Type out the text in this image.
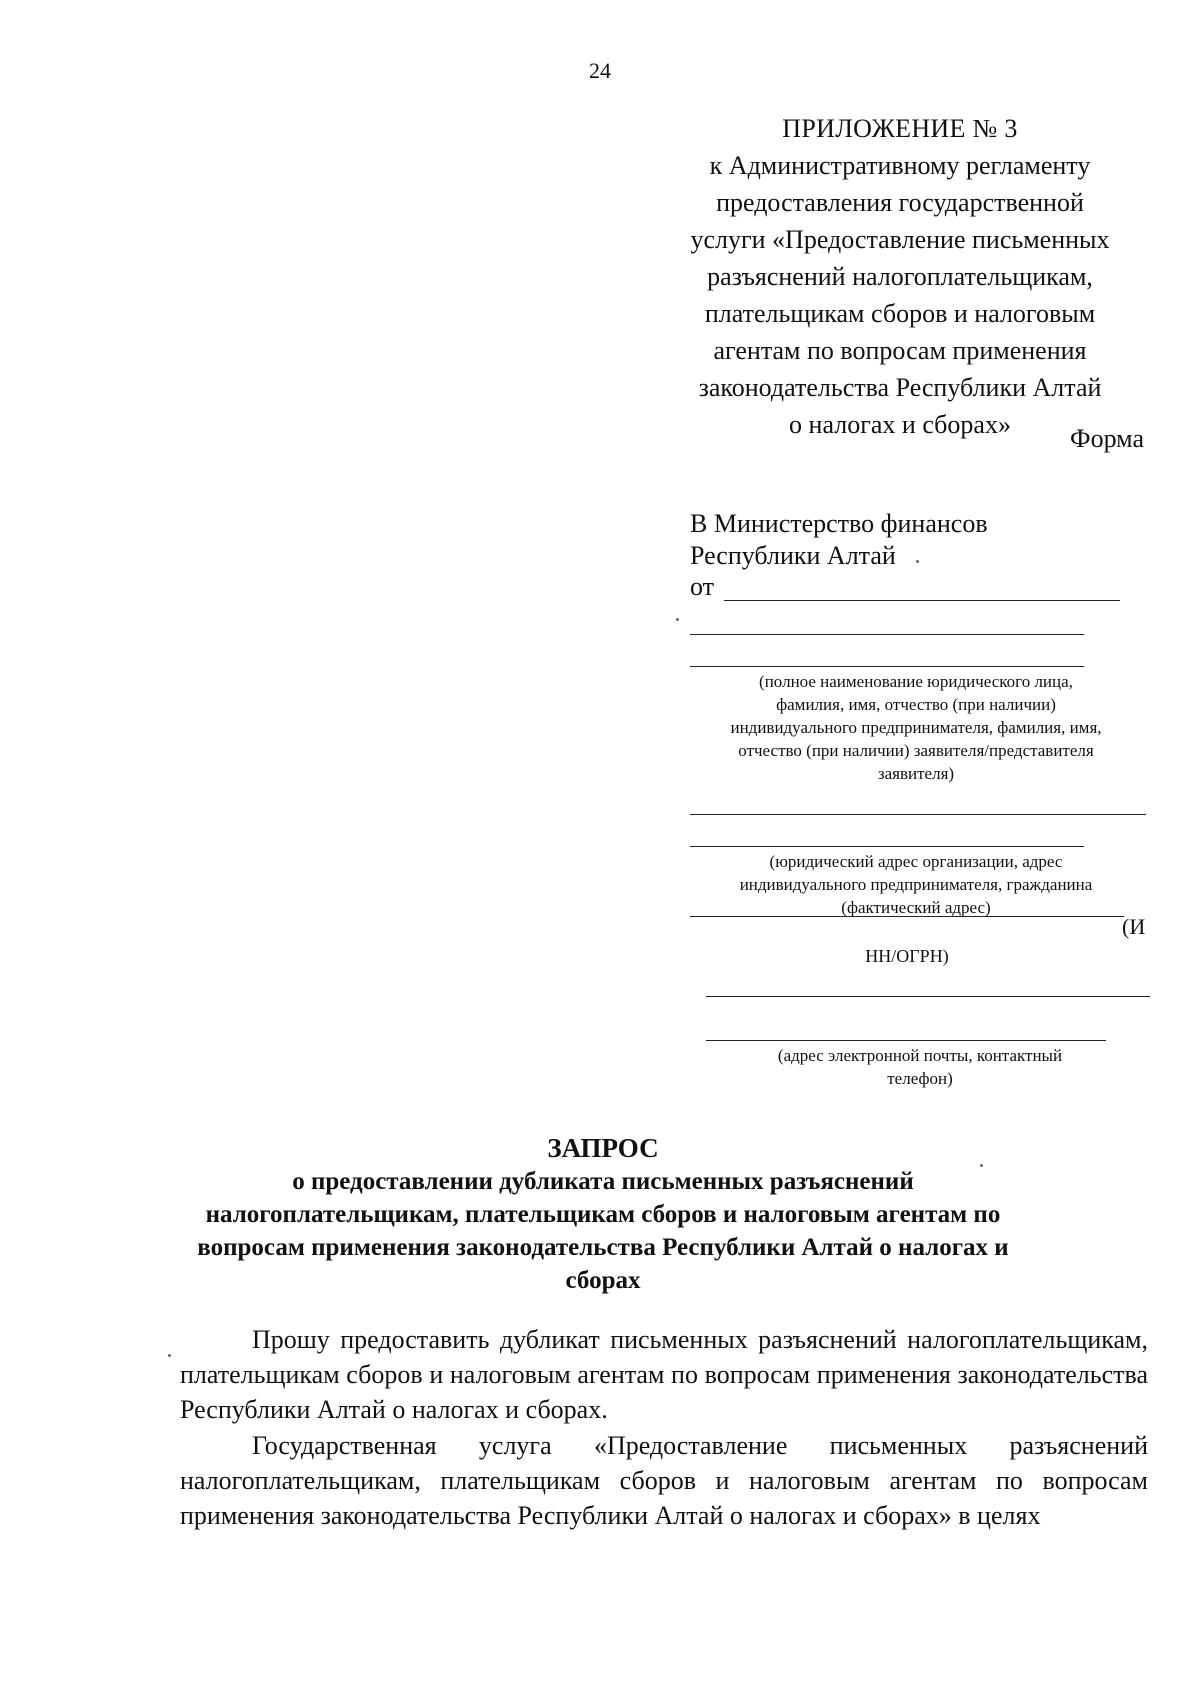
24
ПРИЛОЖЕНИЕ № 3
к Административному регламенту
предоставления государственной
услуги «Предоставление письменных
разъяснений налогоплательщикам,
плательщикам сборов и налоговым
агентам по вопросам применения
законодательства Республики Алтай
о налогах и сборах»	Форма
В Министерство финансов
Республики Алтай
от
(полное наименование юридического лица,
фамилия, имя, отчество (при наличии)
индивидуального предпринимателя, фамилия, имя,
отчество (при наличии) заявителя/представителя
заявителя)
(юридический адрес организации, адрес
индивидуального предпринимателя, гражданина
(фактический адрес)
(И
НН/ОГРН)
(адрес электронной почты, контактный
телефон)
ЗАПРОС
о предоставлении дубликата письменных разъяснений
налогоплательщикам, плательщикам сборов и налоговым агентам по
вопросам применения законодательства Республики Алтай о налогах и
сборах
Прошу предоставить дубликат письменных разъяснений налогоплательщикам, плательщикам сборов и налоговым агентам по вопросам применения законодательства Республики Алтай о налогах и сборах.
Государственная услуга «Предоставление письменных разъяснений налогоплательщикам, плательщикам сборов и налоговым агентам по вопросам применения законодательства Республики Алтай о налогах и сборах» в целях
